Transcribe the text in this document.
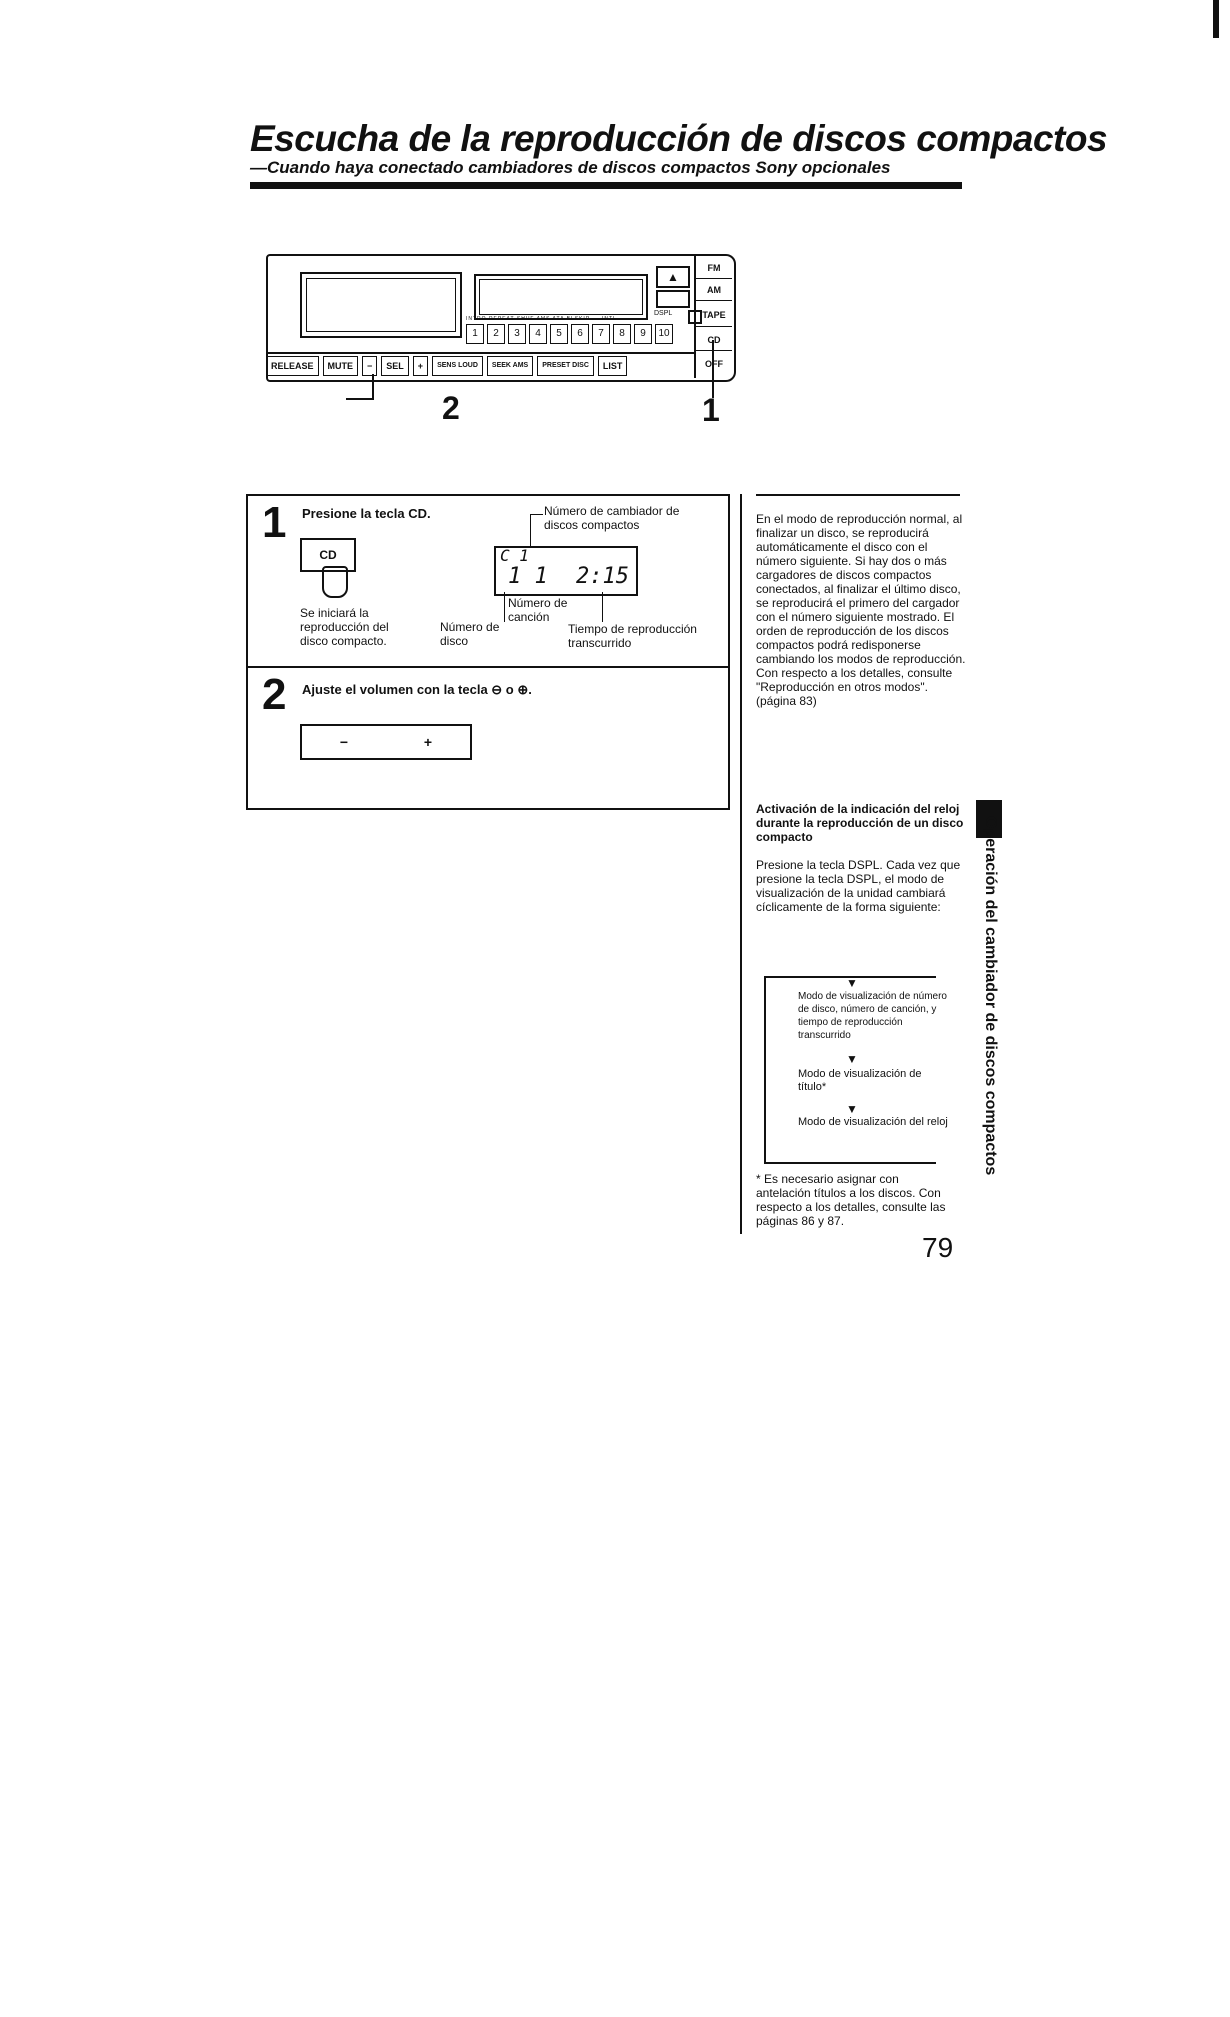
Escucha de la reproducción de discos compactos
—Cuando haya conectado cambiadores de discos compactos Sony opcionales
▲
DSPL
INTRO REPEAT SHUF AMS ATA BLSKIP ... INTL
1	2	3	4	5	6	7	8	9	10
FM
AM
TAPE
CD
OFF
RELEASE	MUTE	−	SEL	+	SENS LOUD	SEEK AMS	PRESET DISC	LIST
2	1
1 Presione la tecla CD.
CD
Se iniciará la reproducción del disco compacto.
Número de cambiador de discos compactos
C 1
1 1 2:15
Número de canción
Número de disco
Tiempo de reproducción transcurrido
2 Ajuste el volumen con la tecla ⊖ o ⊕.
−	+
En el modo de reproducción normal, al finalizar un disco, se reproducirá automáticamente el disco con el número siguiente. Si hay dos o más cargadores de discos compactos conectados, al finalizar el último disco, se reproducirá el primero del cargador con el número siguiente mostrado. El orden de reproducción de los discos compactos podrá redisponerse cambiando los modos de reproducción. Con respecto a los detalles, consulte "Reproducción en otros modos". (página 83)
Activación de la indicación del reloj durante la reproducción de un disco compacto
Presione la tecla DSPL. Cada vez que presione la tecla DSPL, el modo de visualización de la unidad cambiará cíclicamente de la forma siguiente:
▼
Modo de visualización de número de disco, número de canción, y tiempo de reproducción transcurrido
▼
Modo de visualización de título*
▼
Modo de visualización del reloj
* Es necesario asignar con antelación títulos a los discos. Con respecto a los detalles, consulte las páginas 86 y 87.
Operación del cambiador de discos compactos
79
